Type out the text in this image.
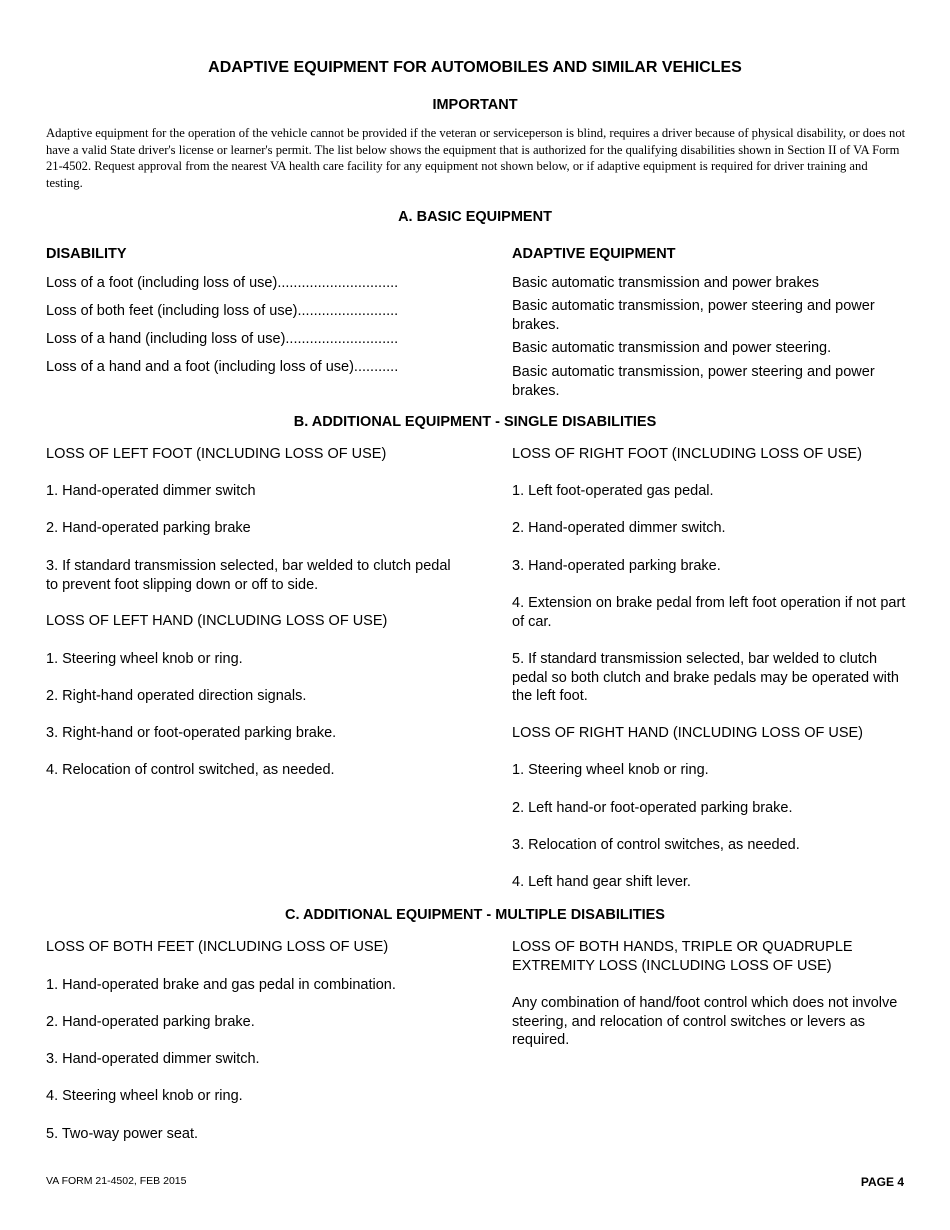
ADAPTIVE EQUIPMENT FOR AUTOMOBILES AND SIMILAR VEHICLES
IMPORTANT
Adaptive equipment for the operation of the vehicle cannot be provided if the veteran or serviceperson is blind, requires a driver because of physical disability, or does not have a valid State driver's license or learner's permit. The list below shows the equipment that is authorized for the qualifying disabilities shown in Section II of VA Form 21-4502. Request approval from the nearest VA health care facility for any equipment not shown below, or if adaptive equipment is required for driver training and testing.
A. BASIC EQUIPMENT
DISABILITY	ADAPTIVE EQUIPMENT
Loss of a foot (including loss of use)..............................
Loss of both feet (including loss of use).........................
Loss of a hand (including loss of use)............................
Loss of a hand and a foot (including loss of use)...........
Basic automatic transmission and power brakes
Basic automatic transmission, power steering and power brakes.
Basic automatic transmission and power steering.
Basic automatic transmission, power steering and power brakes.
B. ADDITIONAL EQUIPMENT - SINGLE DISABILITIES
LOSS OF LEFT FOOT (INCLUDING LOSS OF USE)
1. Hand-operated dimmer switch
2. Hand-operated parking brake
3. If standard transmission selected, bar welded to clutch pedal to prevent foot slipping down or off to side.
LOSS OF LEFT HAND (INCLUDING LOSS OF USE)
1. Steering wheel knob or ring.
2. Right-hand operated direction signals.
3. Right-hand or foot-operated parking brake.
4. Relocation of control switched, as needed.
LOSS OF RIGHT FOOT (INCLUDING LOSS OF USE)
1. Left foot-operated gas pedal.
2. Hand-operated dimmer switch.
3. Hand-operated parking brake.
4. Extension on brake pedal from left foot operation if not part of car.
5. If standard transmission selected, bar welded to clutch pedal so both clutch and brake pedals may be operated with the left foot.
LOSS OF RIGHT HAND (INCLUDING LOSS OF USE)
1. Steering wheel knob or ring.
2. Left hand-or foot-operated parking brake.
3. Relocation of control switches, as needed.
4. Left hand gear shift lever.
C. ADDITIONAL EQUIPMENT - MULTIPLE DISABILITIES
LOSS OF BOTH FEET (INCLUDING LOSS OF USE)
1. Hand-operated brake and gas pedal in combination.
2. Hand-operated parking brake.
3. Hand-operated dimmer switch.
4. Steering wheel knob or ring.
5. Two-way power seat.
LOSS OF BOTH HANDS, TRIPLE OR QUADRUPLE EXTREMITY LOSS (INCLUDING LOSS OF USE)
Any combination of hand/foot control which does not involve steering, and relocation of control switches or levers as required.
VA FORM 21-4502, FEB 2015	PAGE 4
